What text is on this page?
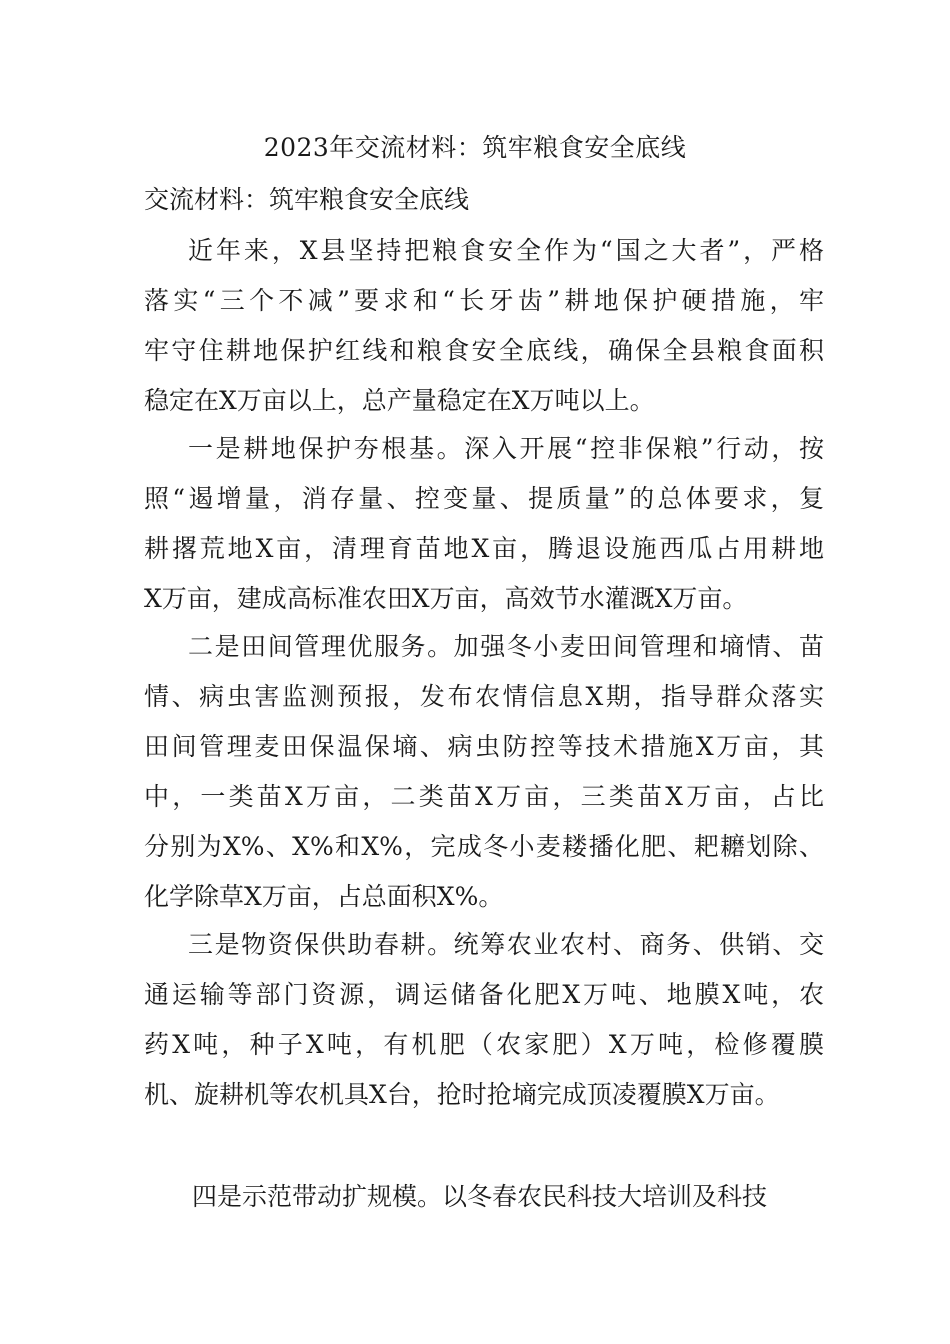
2023年交流材料：筑牢粮食安全底线
交流材料：筑牢粮食安全底线
近年来，X县坚持把粮食安全作为“国之大者”，严格
落实“三个不减”要求和“长牙齿”耕地保护硬措施，牢
牢守住耕地保护红线和粮食安全底线，确保全县粮食面积
稳定在X万亩以上，总产量稳定在X万吨以上。
一是耕地保护夯根基。深入开展“控非保粮”行动，按
照“遏增量，消存量、控变量、提质量”的总体要求，复
耕撂荒地X亩，清理育苗地X亩，腾退设施西瓜占用耕地
X万亩，建成高标准农田X万亩，高效节水灌溉X万亩。
二是田间管理优服务。加强冬小麦田间管理和墒情、苗
情、病虫害监测预报，发布农情信息X期，指导群众落实
田间管理麦田保温保墒、病虫防控等技术措施X万亩，其
中，一类苗X万亩，二类苗X万亩，三类苗X万亩，占比
分别为X%、X%和X%，完成冬小麦耧播化肥、耙耱划除、
化学除草X万亩，占总面积X%。
三是物资保供助春耕。统筹农业农村、商务、供销、交
通运输等部门资源，调运储备化肥X万吨、地膜X吨，农
药X吨，种子X吨，有机肥（农家肥）X万吨，检修覆膜
机、旋耕机等农机具X台，抢时抢墒完成顶凌覆膜X万亩。
四是示范带动扩规模。以冬春农民科技大培训及科技
